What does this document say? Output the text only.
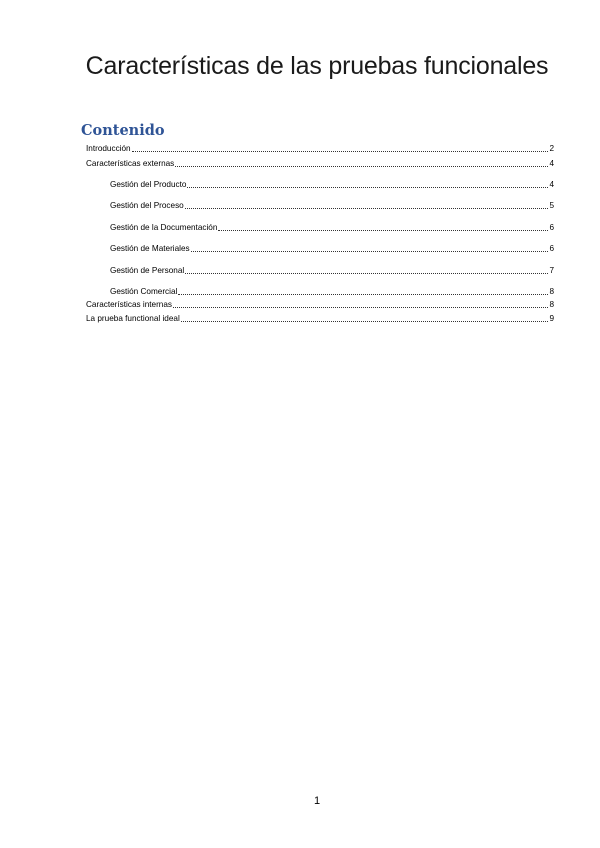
Características de las pruebas funcionales
Contenido
Introducción	2
Características externas	4
Gestión del Producto	4
Gestión del Proceso	5
Gestión de la Documentación	6
Gestión de Materiales	6
Gestión de Personal	7
Gestión Comercial	8
Características internas	8
La prueba functional ideal	9
1
